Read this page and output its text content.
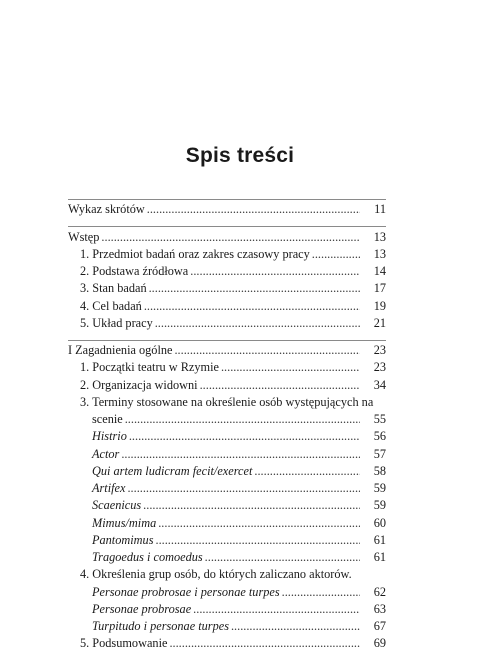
Spis treści
Wykaz skrótów .....	11
Wstęp .....	13
1. Przedmiot badań oraz zakres czasowy pracy .....	13
2. Podstawa źródłowa .....	14
3. Stan badań .....	17
4. Cel badań .....	19
5. Układ pracy .....	21
I Zagadnienia ogólne .....	23
1. Początki teatru w Rzymie .....	23
2. Organizacja widowni .....	34
3. Terminy stosowane na określenie osób występujących na
scenie .....	55
Histrio .....	56
Actor .....	57
Qui artem ludicram fecit/exercet .....	58
Artifex .....	59
Scaenicus .....	59
Mimus/mima .....	60
Pantomimus .....	61
Tragoedus i comoedus .....	61
4. Określenia grup osób, do których zaliczano aktorów.
Personae probrosae i personae turpes .....	62
Personae probrosae .....	63
Turpitudo i personae turpes .....	67
5. Podsumowanie .....	69
